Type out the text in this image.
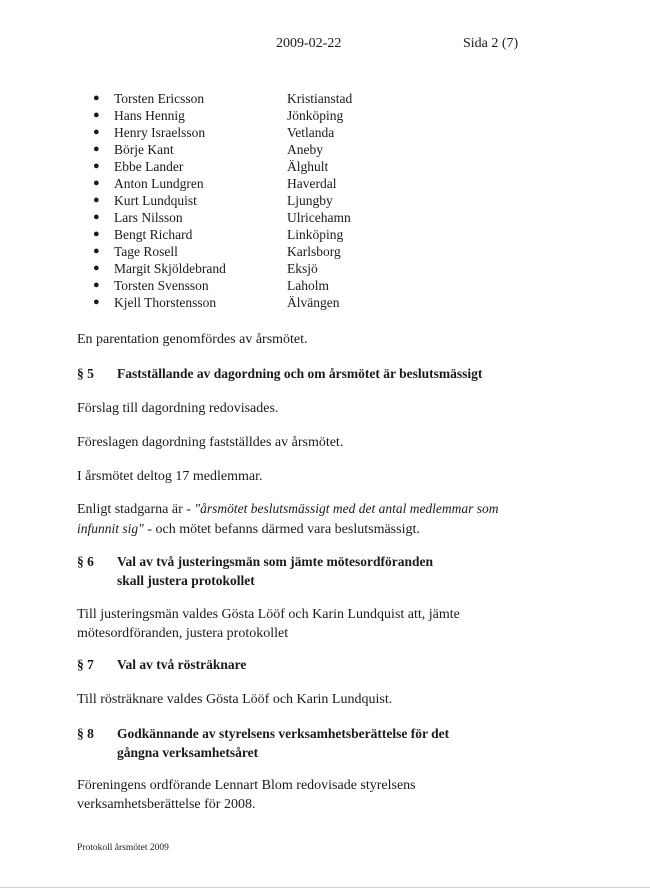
2009-02-22	Sida 2 (7)
● Torsten Ericsson	Kristianstad
● Hans Hennig	Jönköping
● Henry Israelsson	Vetlanda
● Börje Kant	Aneby
● Ebbe Lander	Älghult
● Anton Lundgren	Haverdal
● Kurt Lundquist	Ljungby
● Lars Nilsson	Ulricehamn
● Bengt Richard	Linköping
● Tage Rosell	Karlsborg
● Margit Skjöldebrand	Eksjö
● Torsten Svensson	Laholm
● Kjell Thorstensson	Älvängen

En parentation genomfördes av årsmötet.

§ 5 Fastställande av dagordning och om årsmötet är beslutsmässigt

Förslag till dagordning redovisades.

Föreslagen dagordning fastställdes av årsmötet.

I årsmötet deltog 17 medlemmar.

Enligt stadgarna är - "årsmötet beslutsmässigt med det antal medlemmar som infunnit sig" - och mötet befanns därmed vara beslutsmässigt.

§ 6 Val av två justeringsmän som jämte mötesordföranden skall justera protokollet

Till justeringsmän valdes Gösta Lööf och Karin Lundquist att, jämte mötesordföranden, justera protokollet

§ 7 Val av två rösträknare

Till rösträknare valdes Gösta Lööf och Karin Lundquist.

§ 8 Godkännande av styrelsens verksamhetsberättelse för det gångna verksamhetsåret

Föreningens ordförande Lennart Blom redovisade styrelsens verksamhetsberättelse för 2008.

Protokoll årsmötet 2009
